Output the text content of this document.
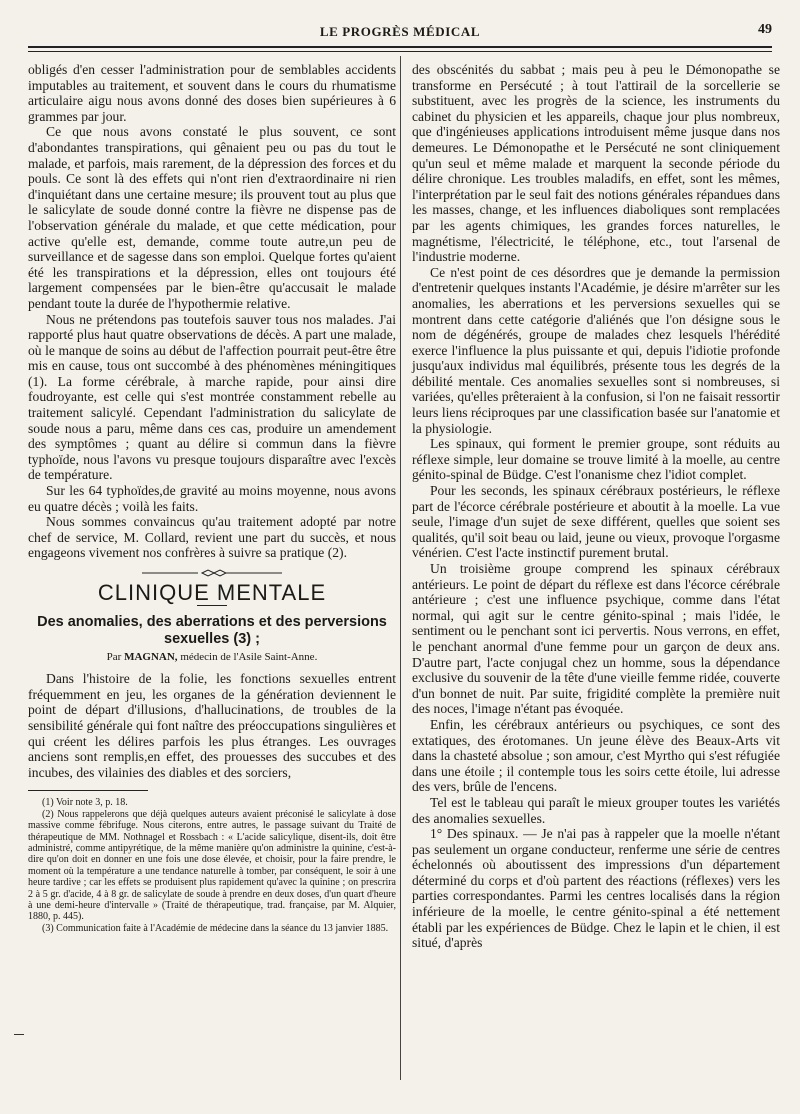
LE PROGRÈS MÉDICAL	49

obligés d'en cesser l'administration pour de semblables accidents imputables au traitement, et souvent dans le cours du rhumatisme articulaire aigu nous avons donné des doses bien supérieures à 6 grammes par jour.

Ce que nous avons constaté le plus souvent, ce sont d'abondantes transpirations, qui gênaient peu ou pas du tout le malade, et parfois, mais rarement, de la dépression des forces et du pouls. Ce sont là des effets qui n'ont rien d'extraordinaire ni rien d'inquiétant dans une certaine mesure; ils prouvent tout au plus que le salicylate de soude donné contre la fièvre ne dispense pas de l'observation générale du malade, et que cette médication, pour active qu'elle est, demande, comme toute autre,un peu de surveillance et de sagesse dans son emploi. Quelque fortes qu'aient été les transpirations et la dépression, elles ont toujours été largement compensées par le bien-être qu'accusait le malade pendant toute la durée de l'hypothermie relative.

Nous ne prétendons pas toutefois sauver tous nos malades. J'ai rapporté plus haut quatre observations de décès. A part une malade, où le manque de soins au début de l'affection pourrait peut-être être mis en cause, tous ont succombé à des phénomènes méningitiques (1). La forme cérébrale, à marche rapide, pour ainsi dire foudroyante, est celle qui s'est montrée constamment rebelle au traitement salicylé. Cependant l'administration du salicylate de soude nous a paru, même dans ces cas, produire un amendement des symptômes ; quant au délire si commun dans la fièvre typhoïde, nous l'avons vu presque toujours disparaître avec l'excès de température.

Sur les 64 typhoïdes,de gravité au moins moyenne, nous avons eu quatre décès ; voilà les faits.

Nous sommes convaincus qu'au traitement adopté par notre chef de service, M. Collard, revient une part du succès, et nous engageons vivement nos confrères à suivre sa pratique (2).

CLINIQUE MENTALE
Des anomalies, des aberrations et des perversions sexuelles (3) ;
Par MAGNAN, médecin de l'Asile Saint-Anne.

Dans l'histoire de la folie, les fonctions sexuelles entrent fréquemment en jeu, les organes de la génération deviennent le point de départ d'illusions, d'hallucinations, de troubles de la sensibilité générale qui font naître des préoccupations singulières et qui créent les délires parfois les plus étranges. Les ouvrages anciens sont remplis,en effet, des prouesses des succubes et des incubes, des vilainies des diables et des sorciers,

(1) Voir note 3, p. 18.

(2) Nous rappelerons que déjà quelques auteurs avaient préconisé le salicylate à dose massive comme fébrifuge. Nous citerons, entre autres, le passage suivant du Traité de thérapeutique de MM. Nothnagel et Rossbach : « L'acide salicylique, disent-ils, doit être administré, comme antipyrétique, de la même manière qu'on administre la quinine, c'est-à-dire qu'on doit en donner en une fois une dose élevée, et choisir, pour la faire prendre, le moment où la température a une tendance naturelle à tomber, par conséquent, le soir à une heure tardive ; car les effets se produisent plus rapidement qu'avec la quinine ; on prescrira 2 à 5 gr. d'acide, 4 à 8 gr. de salicylate de soude à prendre en deux doses, d'un quart d'heure à une demi-heure d'intervalle » (Traité de thérapeutique, trad. française, par M. Alquier, 1880, p. 445).

(3) Communication faite à l'Académie de médecine dans la séance du 13 janvier 1885.

des obscénités du sabbat ; mais peu à peu le Démonopathe se transforme en Persécuté ; à tout l'attirail de la sorcellerie se substituent, avec les progrès de la science, les instruments du cabinet du physicien et les appareils, chaque jour plus nombreux, que d'ingénieuses applications introduisent même jusque dans nos demeures. Le Démonopathe et le Persécuté ne sont cliniquement qu'un seul et même malade et marquent la seconde période du délire chronique. Les troubles maladifs, en effet, sont les mêmes, l'interprétation par le seul fait des notions générales répandues dans les masses, change, et les influences diaboliques sont remplacées par les agents chimiques, les grandes forces naturelles, le magnétisme, l'électricité, le téléphone, etc., tout l'arsenal de l'industrie moderne.

Ce n'est point de ces désordres que je demande la permission d'entretenir quelques instants l'Académie, je désire m'arrêter sur les anomalies, les aberrations et les perversions sexuelles qui se montrent dans cette catégorie d'aliénés que l'on désigne sous le nom de dégénérés, groupe de malades chez lesquels l'hérédité exerce l'influence la plus puissante et qui, depuis l'idiotie profonde jusqu'aux individus mal équilibrés, présente tous les degrés de la débilité mentale. Ces anomalies sexuelles sont si nombreuses, si variées, qu'elles prêteraient à la confusion, si l'on ne faisait ressortir leurs liens réciproques par une classification basée sur l'anatomie et la physiologie.

Les spinaux, qui forment le premier groupe, sont réduits au réflexe simple, leur domaine se trouve limité à la moelle, au centre génito-spinal de Büdge. C'est l'onanisme chez l'idiot complet.

Pour les seconds, les spinaux cérébraux postérieurs, le réflexe part de l'écorce cérébrale postérieure et aboutit à la moelle. La vue seule, l'image d'un sujet de sexe différent, quelles que soient ses qualités, qu'il soit beau ou laid, jeune ou vieux, provoque l'orgasme vénérien. C'est l'acte instinctif purement brutal.

Un troisième groupe comprend les spinaux cérébraux antérieurs. Le point de départ du réflexe est dans l'écorce cérébrale antérieure ; c'est une influence psychique, comme dans l'état normal, qui agit sur le centre génito-spinal ; mais l'idée, le sentiment ou le penchant sont ici pervertis. Nous verrons, en effet, le penchant anormal d'une femme pour un garçon de deux ans. D'autre part, l'acte conjugal chez un homme, sous la dépendance exclusive du souvenir de la tête d'une vieille femme ridée, couverte d'un bonnet de nuit. Par suite, frigidité complète la première nuit des noces, l'image n'étant pas évoquée.

Enfin, les cérébraux antérieurs ou psychiques, ce sont des extatiques, des érotomanes. Un jeune élève des Beaux-Arts vit dans la chasteté absolue ; son amour, c'est Myrtho qui s'est réfugiée dans une étoile ; il contemple tous les soirs cette étoile, lui adresse des vers, brûle de l'encens.

Tel est le tableau qui paraît le mieux grouper toutes les variétés des anomalies sexuelles.

1° Des spinaux. — Je n'ai pas à rappeler que la moelle n'étant pas seulement un organe conducteur, renferme une série de centres échelonnés où aboutissent des impressions d'un département déterminé du corps et d'où partent des réactions (réflexes) vers les parties correspondantes. Parmi les centres localisés dans la région inférieure de la moelle, le centre génito-spinal a été nettement établi par les expériences de Büdge. Chez le lapin et le chien, il est situé, d'après
